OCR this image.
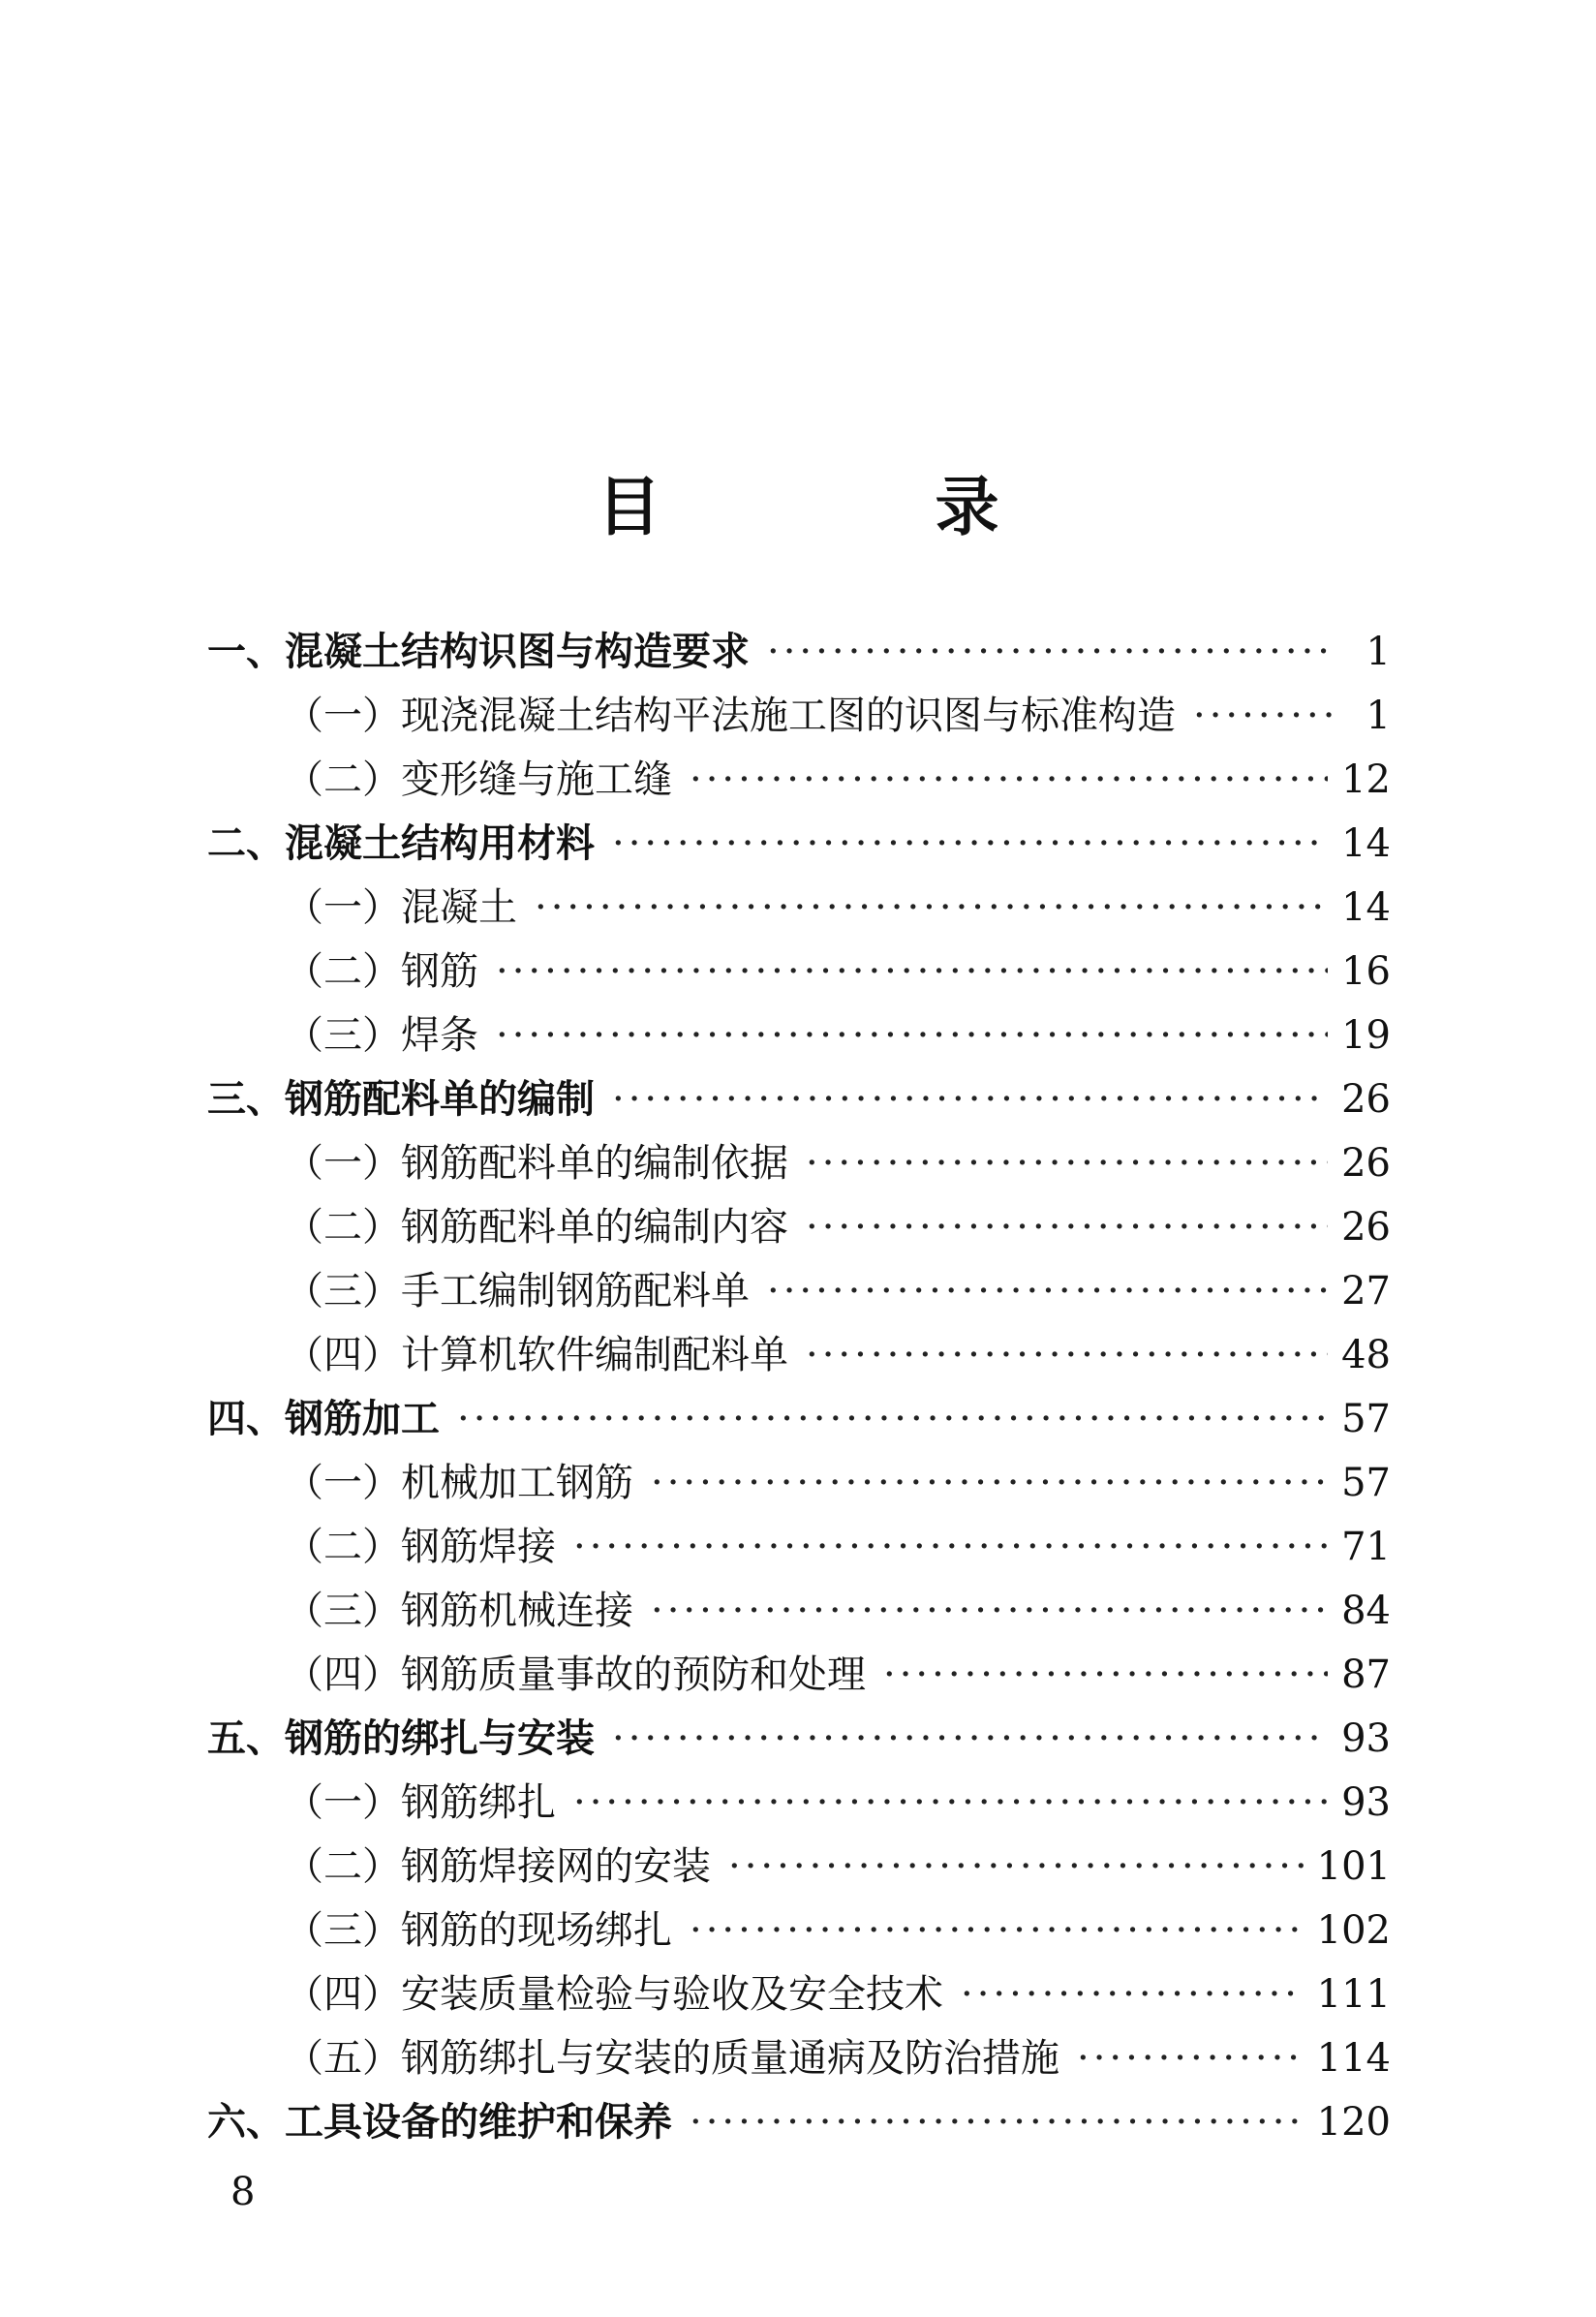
目 录
一、混凝土结构识图与构造要求 ·····	1
（一）现浇混凝土结构平法施工图的识图与标准构造 ·····	1
（二）变形缝与施工缝 ·····	12
二、混凝土结构用材料 ·····	14
（一）混凝土 ·····	14
（二）钢筋 ·····	16
（三）焊条 ·····	19
三、钢筋配料单的编制 ·····	26
（一）钢筋配料单的编制依据 ·····	26
（二）钢筋配料单的编制内容 ·····	26
（三）手工编制钢筋配料单 ·····	27
（四）计算机软件编制配料单 ·····	48
四、钢筋加工 ·····	57
（一）机械加工钢筋 ·····	57
（二）钢筋焊接 ·····	71
（三）钢筋机械连接 ·····	84
（四）钢筋质量事故的预防和处理 ·····	87
五、钢筋的绑扎与安装 ·····	93
（一）钢筋绑扎 ·····	93
（二）钢筋焊接网的安装 ·····	101
（三）钢筋的现场绑扎 ·····	102
（四）安装质量检验与验收及安全技术 ·····	111
（五）钢筋绑扎与安装的质量通病及防治措施 ·····	114
六、工具设备的维护和保养 ·····	120
8
